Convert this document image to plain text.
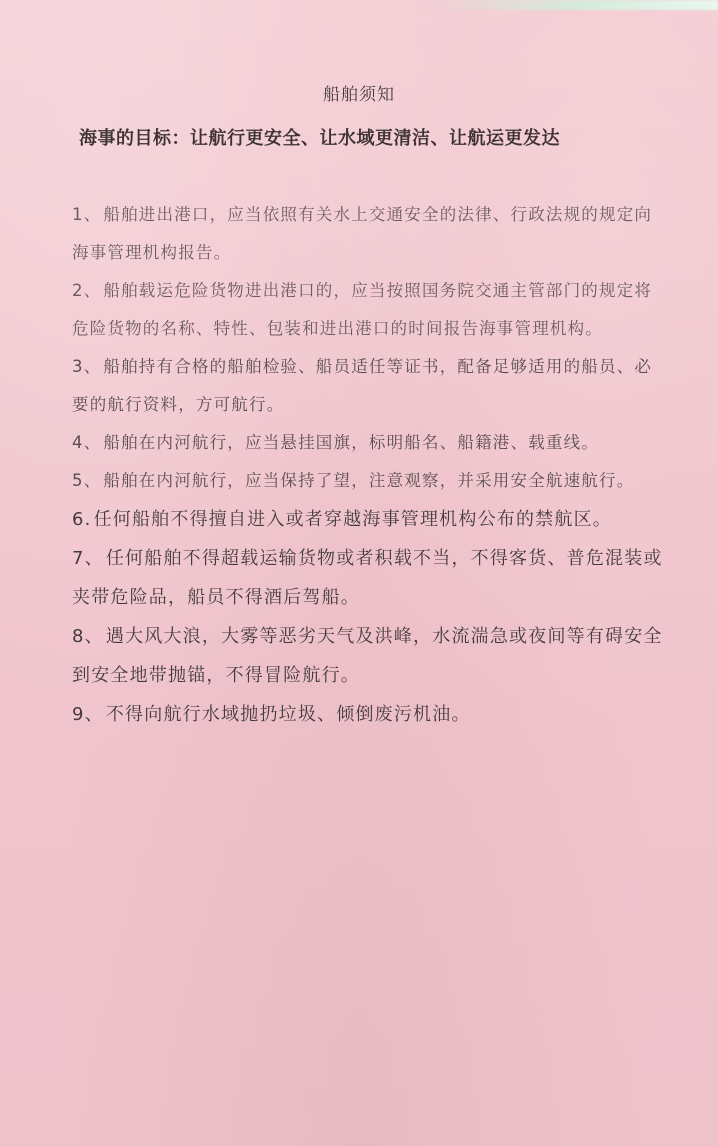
船舶须知
海事的目标：让航行更安全、让水域更清洁、让航运更发达
1、 船舶进出港口，应当依照有关水上交通安全的法律、行政法规的规定向海事管理机构报告。
2、 船舶载运危险货物进出港口的，应当按照国务院交通主管部门的规定将危险货物的名称、特性、包装和进出港口的时间报告海事管理机构。
3、 船舶持有合格的船舶检验、船员适任等证书，配备足够适用的船员、必要的航行资料，方可航行。
4、 船舶在内河航行，应当悬挂国旗，标明船名、船籍港、载重线。
5、 船舶在内河航行，应当保持了望，注意观察，并采用安全航速航行。
6. 任何船舶不得擅自进入或者穿越海事管理机构公布的禁航区。
7、 任何船舶不得超载运输货物或者积载不当，不得客货、普危混装或夹带危险品，船员不得酒后驾船。
8、 遇大风大浪，大雾等恶劣天气及洪峰，水流湍急或夜间等有碍安全到安全地带抛锚，不得冒险航行。
9、 不得向航行水域抛扔垃圾、倾倒废污机油。
